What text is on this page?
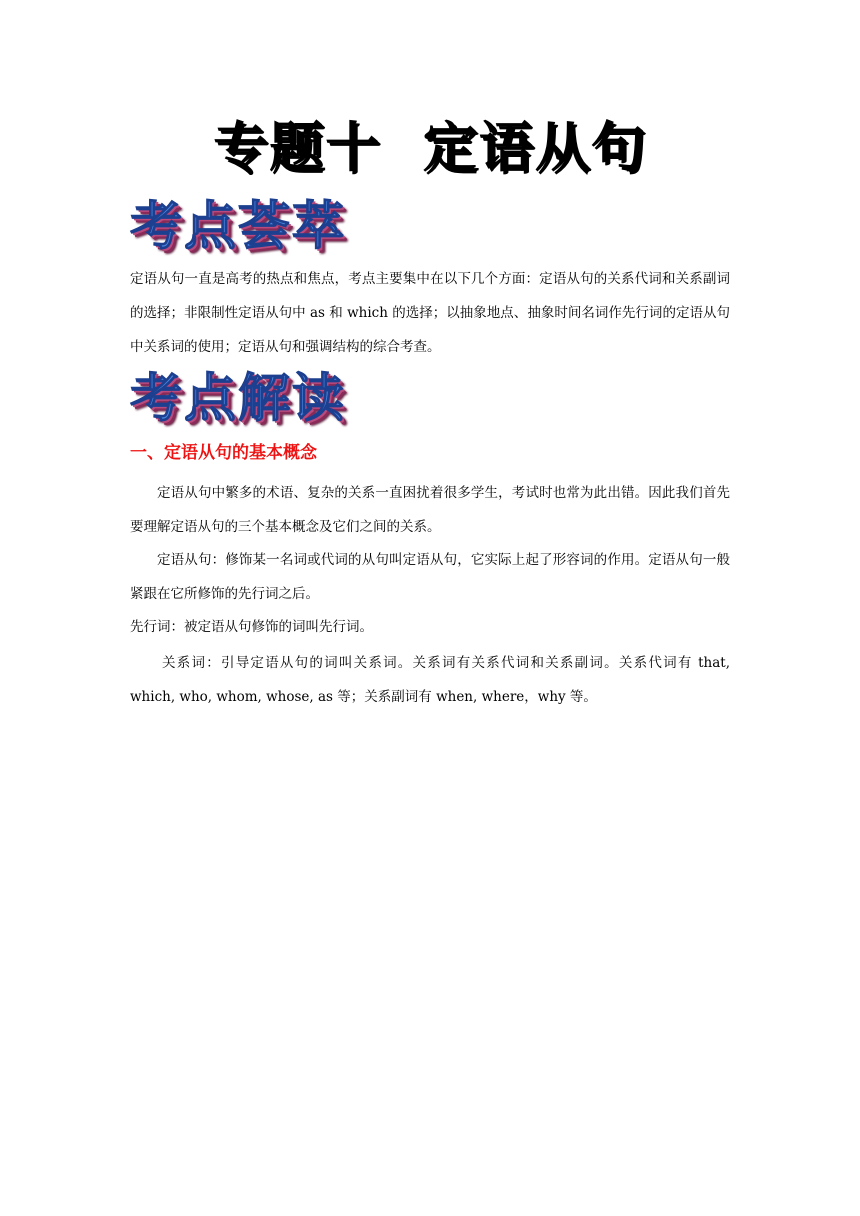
专题十  定语从句
考点荟萃

定语从句一直是高考的热点和焦点，考点主要集中在以下几个方面：定语从句的关系代词和关系副词的选择；非限制性定语从句中 as 和 which 的选择；以抽象地点、抽象时间名词作先行词的定语从句中关系词的使用；定语从句和强调结构的综合考查。

考点解读
一、定语从句的基本概念

定语从句中繁多的术语、复杂的关系一直困扰着很多学生，考试时也常为此出错。因此我们首先要理解定语从句的三个基本概念及它们之间的关系。

定语从句：修饰某一名词或代词的从句叫定语从句，它实际上起了形容词的作用。定语从句一般紧跟在它所修饰的先行词之后。

先行词：被定语从句修饰的词叫先行词。

关系词：引导定语从句的词叫关系词。关系词有关系代词和关系副词。关系代词有 that, which, who, whom, whose, as 等；关系副词有 when, where，why 等。
